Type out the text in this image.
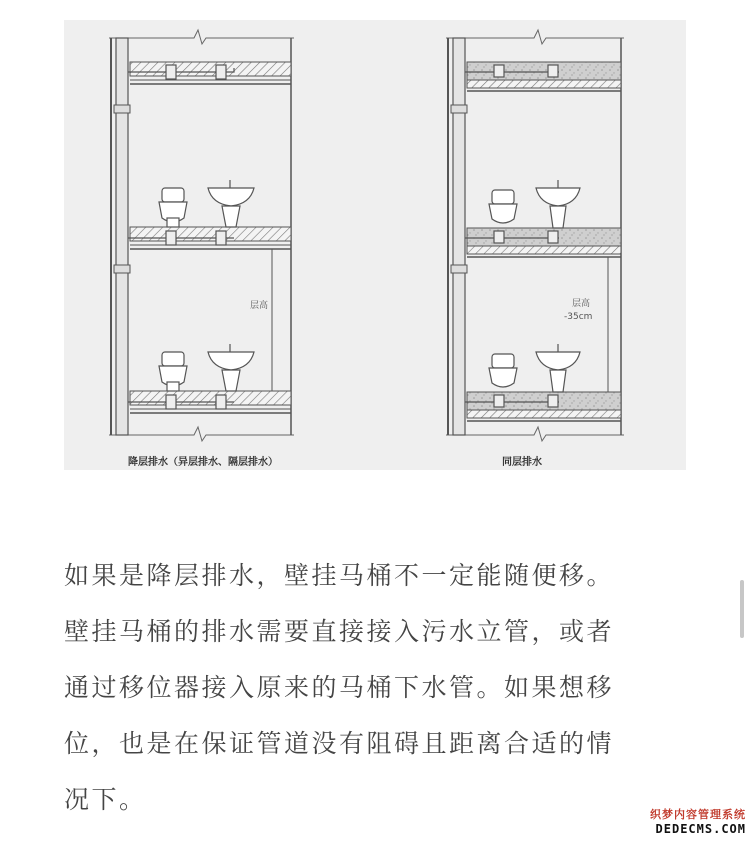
层高	层高
-35cm
降层排水（异层排水、隔层排水）	同层排水

如果是降层排水，壁挂马桶不一定能随便移。

壁挂马桶的排水需要直接接入污水立管，或者

通过移位器接入原来的马桶下水管。如果想移

位，也是在保证管道没有阻碍且距离合适的情

况下。

织梦内容管理系统
DEDECMS.COM
